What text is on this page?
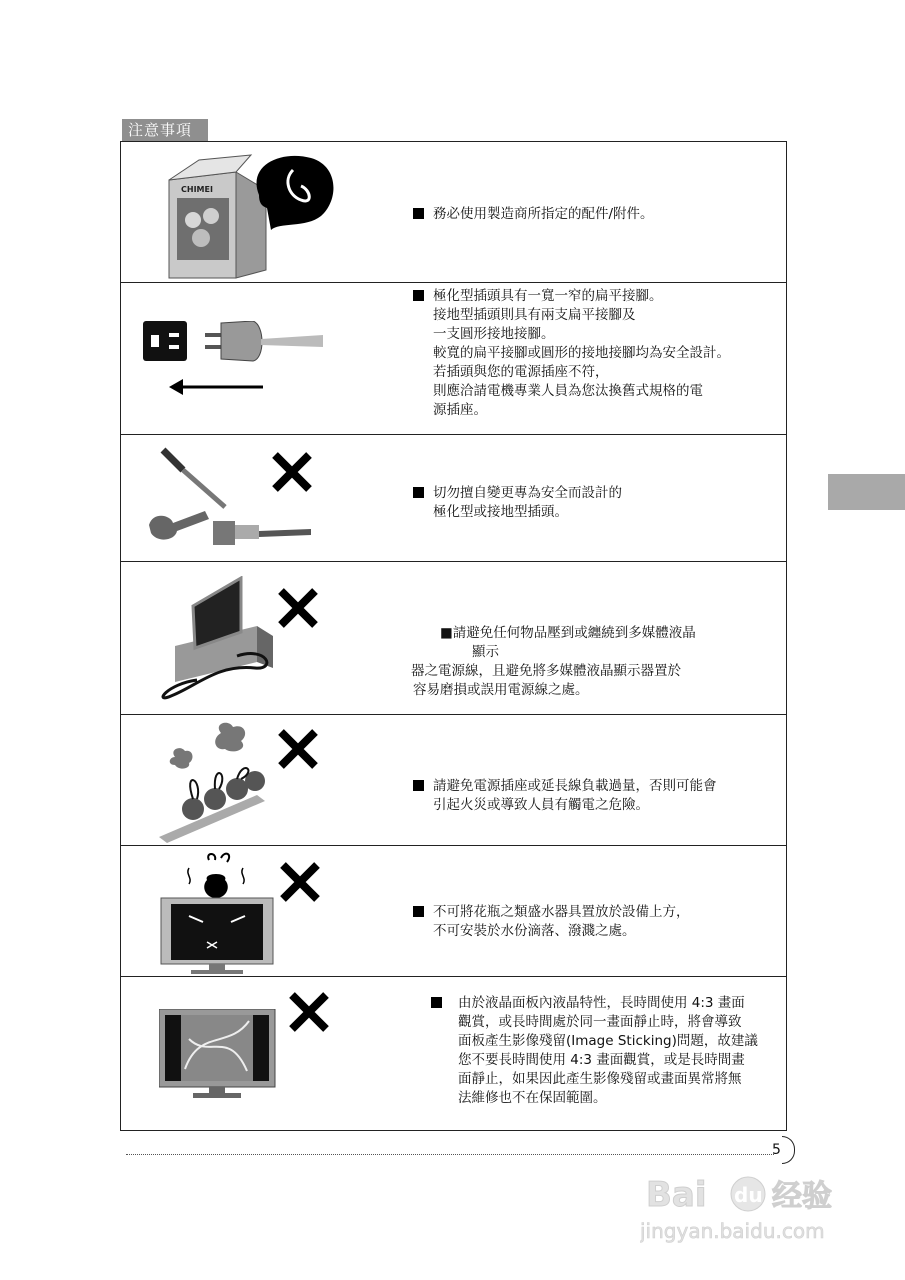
注意事項
CHIMEI

務必使用製造商所指定的配件/附件。

極化型插頭具有一寬一窄的扁平接腳。

接地型插頭則具有兩支扁平接腳及

一支圓形接地接腳。

較寬的扁平接腳或圓形的接地接腳均為安全設計。

若插頭與您的電源插座不符，

則應洽請電機專業人員為您汰換舊式規格的電

源插座。

切勿擅自變更專為安全而設計的

極化型或接地型插頭。

■請避免任何物品壓到或纏繞到多媒體液晶

顯示

器之電源線，且避免將多媒體液晶顯示器置於

容易磨損或誤用電源線之處。

請避免電源插座或延長線負載過量，否則可能會

引起火災或導致人員有觸電之危險。

不可將花瓶之類盛水器具置放於設備上方，

不可安裝於水份滴落、潑濺之處。

由於液晶面板內液晶特性，長時間使用 4:3 畫面

觀賞，或長時間處於同一畫面靜止時，將會導致

面板產生影像殘留(Image Sticking)問題，故建議

您不要長時間使用 4:3 畫面觀賞，或是長時間畫

面靜止，如果因此產生影像殘留或畫面異常將無

法維修也不在保固範圍。

5
Bai du 经验
jingyan.baidu.com
